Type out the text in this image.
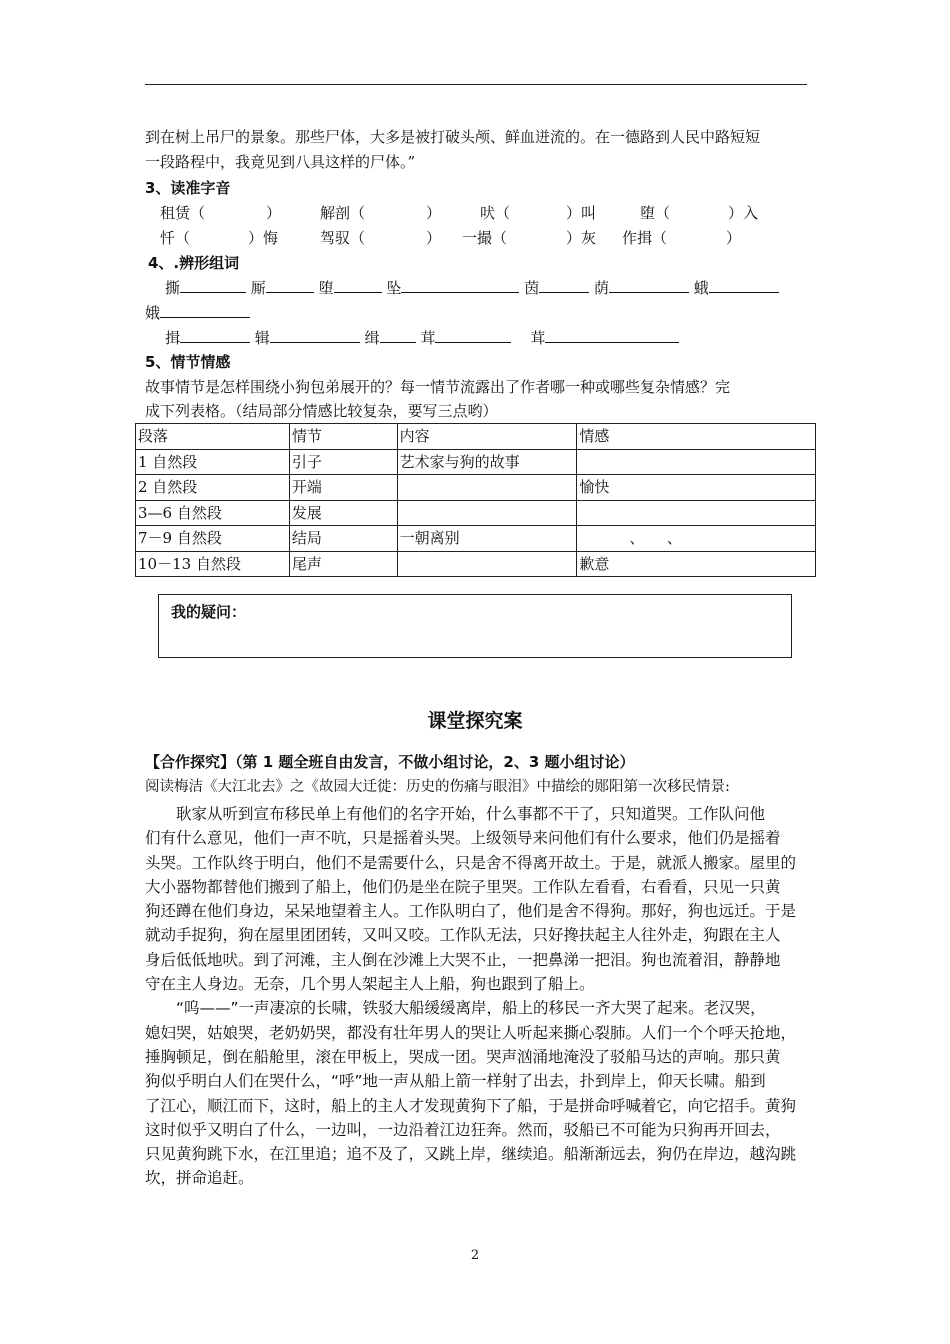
到在树上吊尸的景象。那些尸体，大多是被打破头颅、鲜血迸流的。在一德路到人民中路短短
一段路程中，我竟见到八具这样的尸体。”
3、读准字音
租赁（	）	解剖（	）	吠（	）叫	堕（	）入
忏（	）悔	驾驭（	） 一撮（	）灰 作揖（	）
4、.辨形组词
撕	厮	堕	坠	茵	荫	蛾
娥
揖	辑	缉	茸	茸
5、情节情感
故事情节是怎样围绕小狗包弟展开的？每一情节流露出了作者哪一种或哪些复杂情感？完
成下列表格。（结局部分情感比较复杂，要写三点哟）
段落	情节	内容	情感
1 自然段	引子	艺术家与狗的故事	
2 自然段	开端		愉快
3—6 自然段	发展		
7－9 自然段	结局	一朝离别	、　　、
10－13 自然段	尾声		歉意
我的疑问：
课堂探究案
【合作探究】（第 1 题全班自由发言，不做小组讨论，2、3 题小组讨论）
阅读梅洁《大江北去》之《故园大迁徙：历史的伤痛与眼泪》中描绘的郧阳第一次移民情景:
　　耿家从听到宣布移民单上有他们的名字开始，什么事都不干了，只知道哭。工作队问他
们有什么意见，他们一声不吭，只是摇着头哭。上级领导来问他们有什么要求，他们仍是摇着
头哭。工作队终于明白，他们不是需要什么，只是舍不得离开故土。于是，就派人搬家。屋里的
大小器物都替他们搬到了船上，他们仍是坐在院子里哭。工作队左看看，右看看，只见一只黄
狗还蹲在他们身边，呆呆地望着主人。工作队明白了，他们是舍不得狗。那好，狗也远迁。于是
就动手捉狗，狗在屋里团团转，又叫又咬。工作队无法，只好搀扶起主人往外走，狗跟在主人
身后低低地吠。到了河滩，主人倒在沙滩上大哭不止，一把鼻涕一把泪。狗也流着泪，静静地
守在主人身边。无奈，几个男人架起主人上船，狗也跟到了船上。
　　“呜——”一声凄凉的长啸，铁驳大船缓缓离岸，船上的移民一齐大哭了起来。老汉哭，
媳妇哭，姑娘哭，老奶奶哭，都没有壮年男人的哭让人听起来撕心裂肺。人们一个个呼天抢地，
捶胸顿足，倒在船舱里，滚在甲板上，哭成一团。哭声汹涌地淹没了驳船马达的声响。那只黄
狗似乎明白人们在哭什么，“呼”地一声从船上箭一样射了出去，扑到岸上，仰天长啸。船到
了江心，顺江而下，这时，船上的主人才发现黄狗下了船，于是拼命呼喊着它，向它招手。黄狗
这时似乎又明白了什么，一边叫，一边沿着江边狂奔。然而，驳船已不可能为只狗再开回去，
只见黄狗跳下水，在江里追；追不及了，又跳上岸，继续追。船渐渐远去，狗仍在岸边，越沟跳
坎，拼命追赶。
2
